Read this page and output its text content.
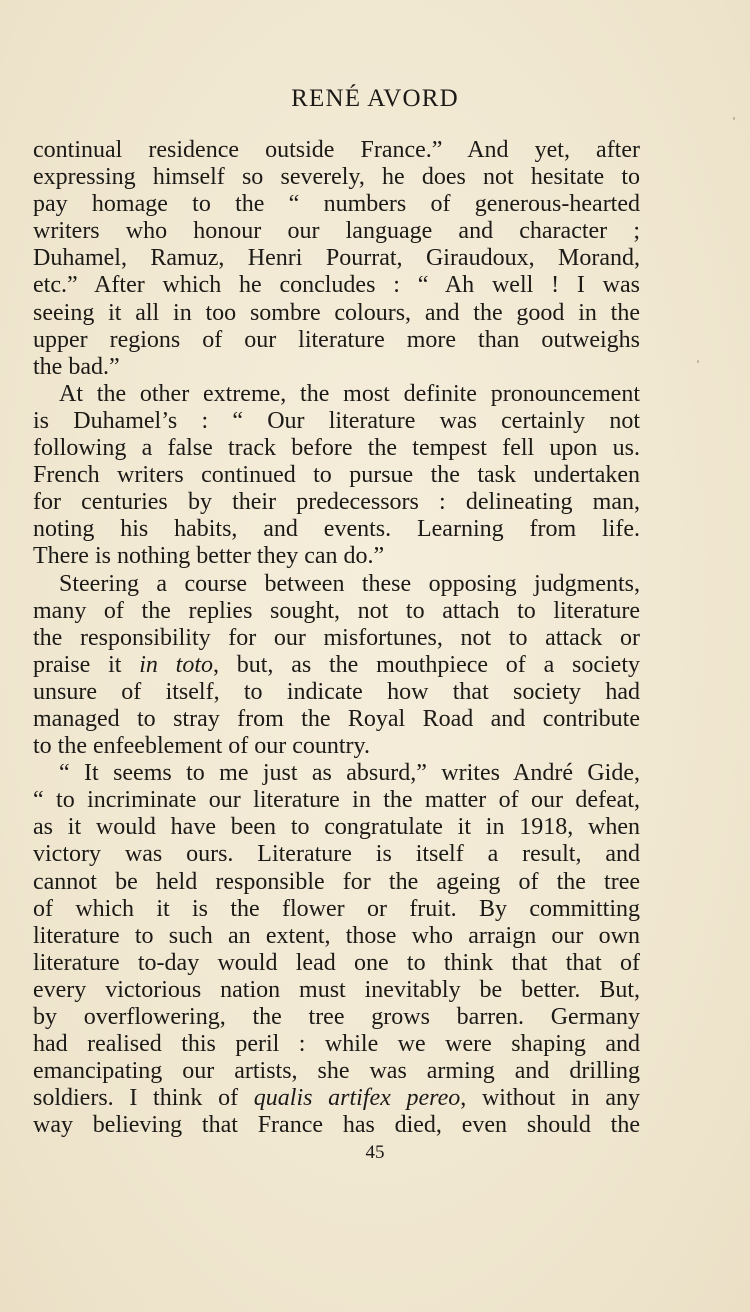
RENÉ AVORD
continual residence outside France.” And yet, after
expressing himself so severely, he does not hesitate to
pay homage to the “ numbers of generous-hearted
writers who honour our language and character ;
Duhamel, Ramuz, Henri Pourrat, Giraudoux, Morand,
etc.” After which he concludes : “ Ah well ! I was
seeing it all in too sombre colours, and the good in the
upper regions of our literature more than outweighs
the bad.”
At the other extreme, the most definite pronouncement
is Duhamel’s : “ Our literature was certainly not
following a false track before the tempest fell upon us.
French writers continued to pursue the task undertaken
for centuries by their predecessors : delineating man,
noting his habits, and events. Learning from life.
There is nothing better they can do.”
Steering a course between these opposing judgments,
many of the replies sought, not to attach to literature
the responsibility for our misfortunes, not to attack or
praise it in toto, but, as the mouthpiece of a society
unsure of itself, to indicate how that society had
managed to stray from the Royal Road and contribute
to the enfeeblement of our country.
“ It seems to me just as absurd,” writes André Gide,
“ to incriminate our literature in the matter of our defeat,
as it would have been to congratulate it in 1918, when
victory was ours. Literature is itself a result, and
cannot be held responsible for the ageing of the tree
of which it is the flower or fruit. By committing
literature to such an extent, those who arraign our own
literature to-day would lead one to think that that of
every victorious nation must inevitably be better. But,
by overflowering, the tree grows barren. Germany
had realised this peril : while we were shaping and
emancipating our artists, she was arming and drilling
soldiers. I think of qualis artifex pereo, without in any
way believing that France has died, even should the
45
